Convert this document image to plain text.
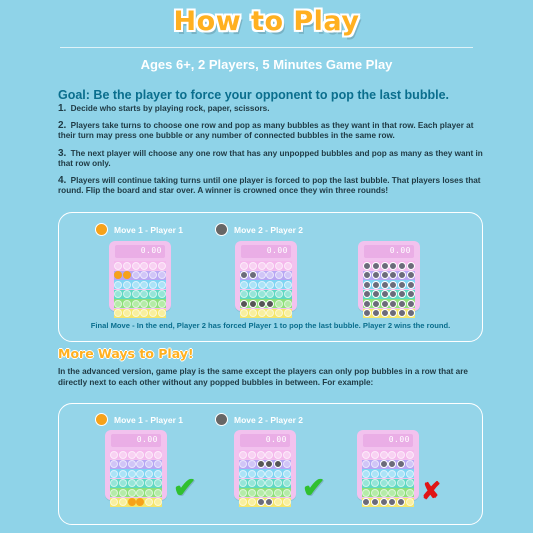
How to Play
Ages 6+, 2 Players, 5 Minutes Game Play
Goal: Be the player to force your opponent to pop the last bubble.
1. Decide who starts by playing rock, paper, scissors.
2. Players take turns to choose one row and pop as many bubbles as they want in that row. Each player at their turn may press one bubble or any number of connected bubbles in the same row.
3. The next player will choose any one row that has any unpopped bubbles and pop as many as they want in that row only.
4. Players will continue taking turns until one player is forced to pop the last bubble. That players loses that round. Flip the board and star over. A winner is crowned once they win three rounds!
Move 1 - Player 1	Move 2 - Player 2
0.00	0.00	0.00
Final Move - In the end, Player 2 has forced Player 1 to pop the last bubble. Player 2 wins the round.
More Ways to Play!
In the advanced version, game play is the same except the players can only pop bubbles in a row that are directly next to each other without any popped bubbles in between. For example:
Move 1 - Player 1	Move 2 - Player 2
0.00
✔
0.00
✔
0.00
✘
